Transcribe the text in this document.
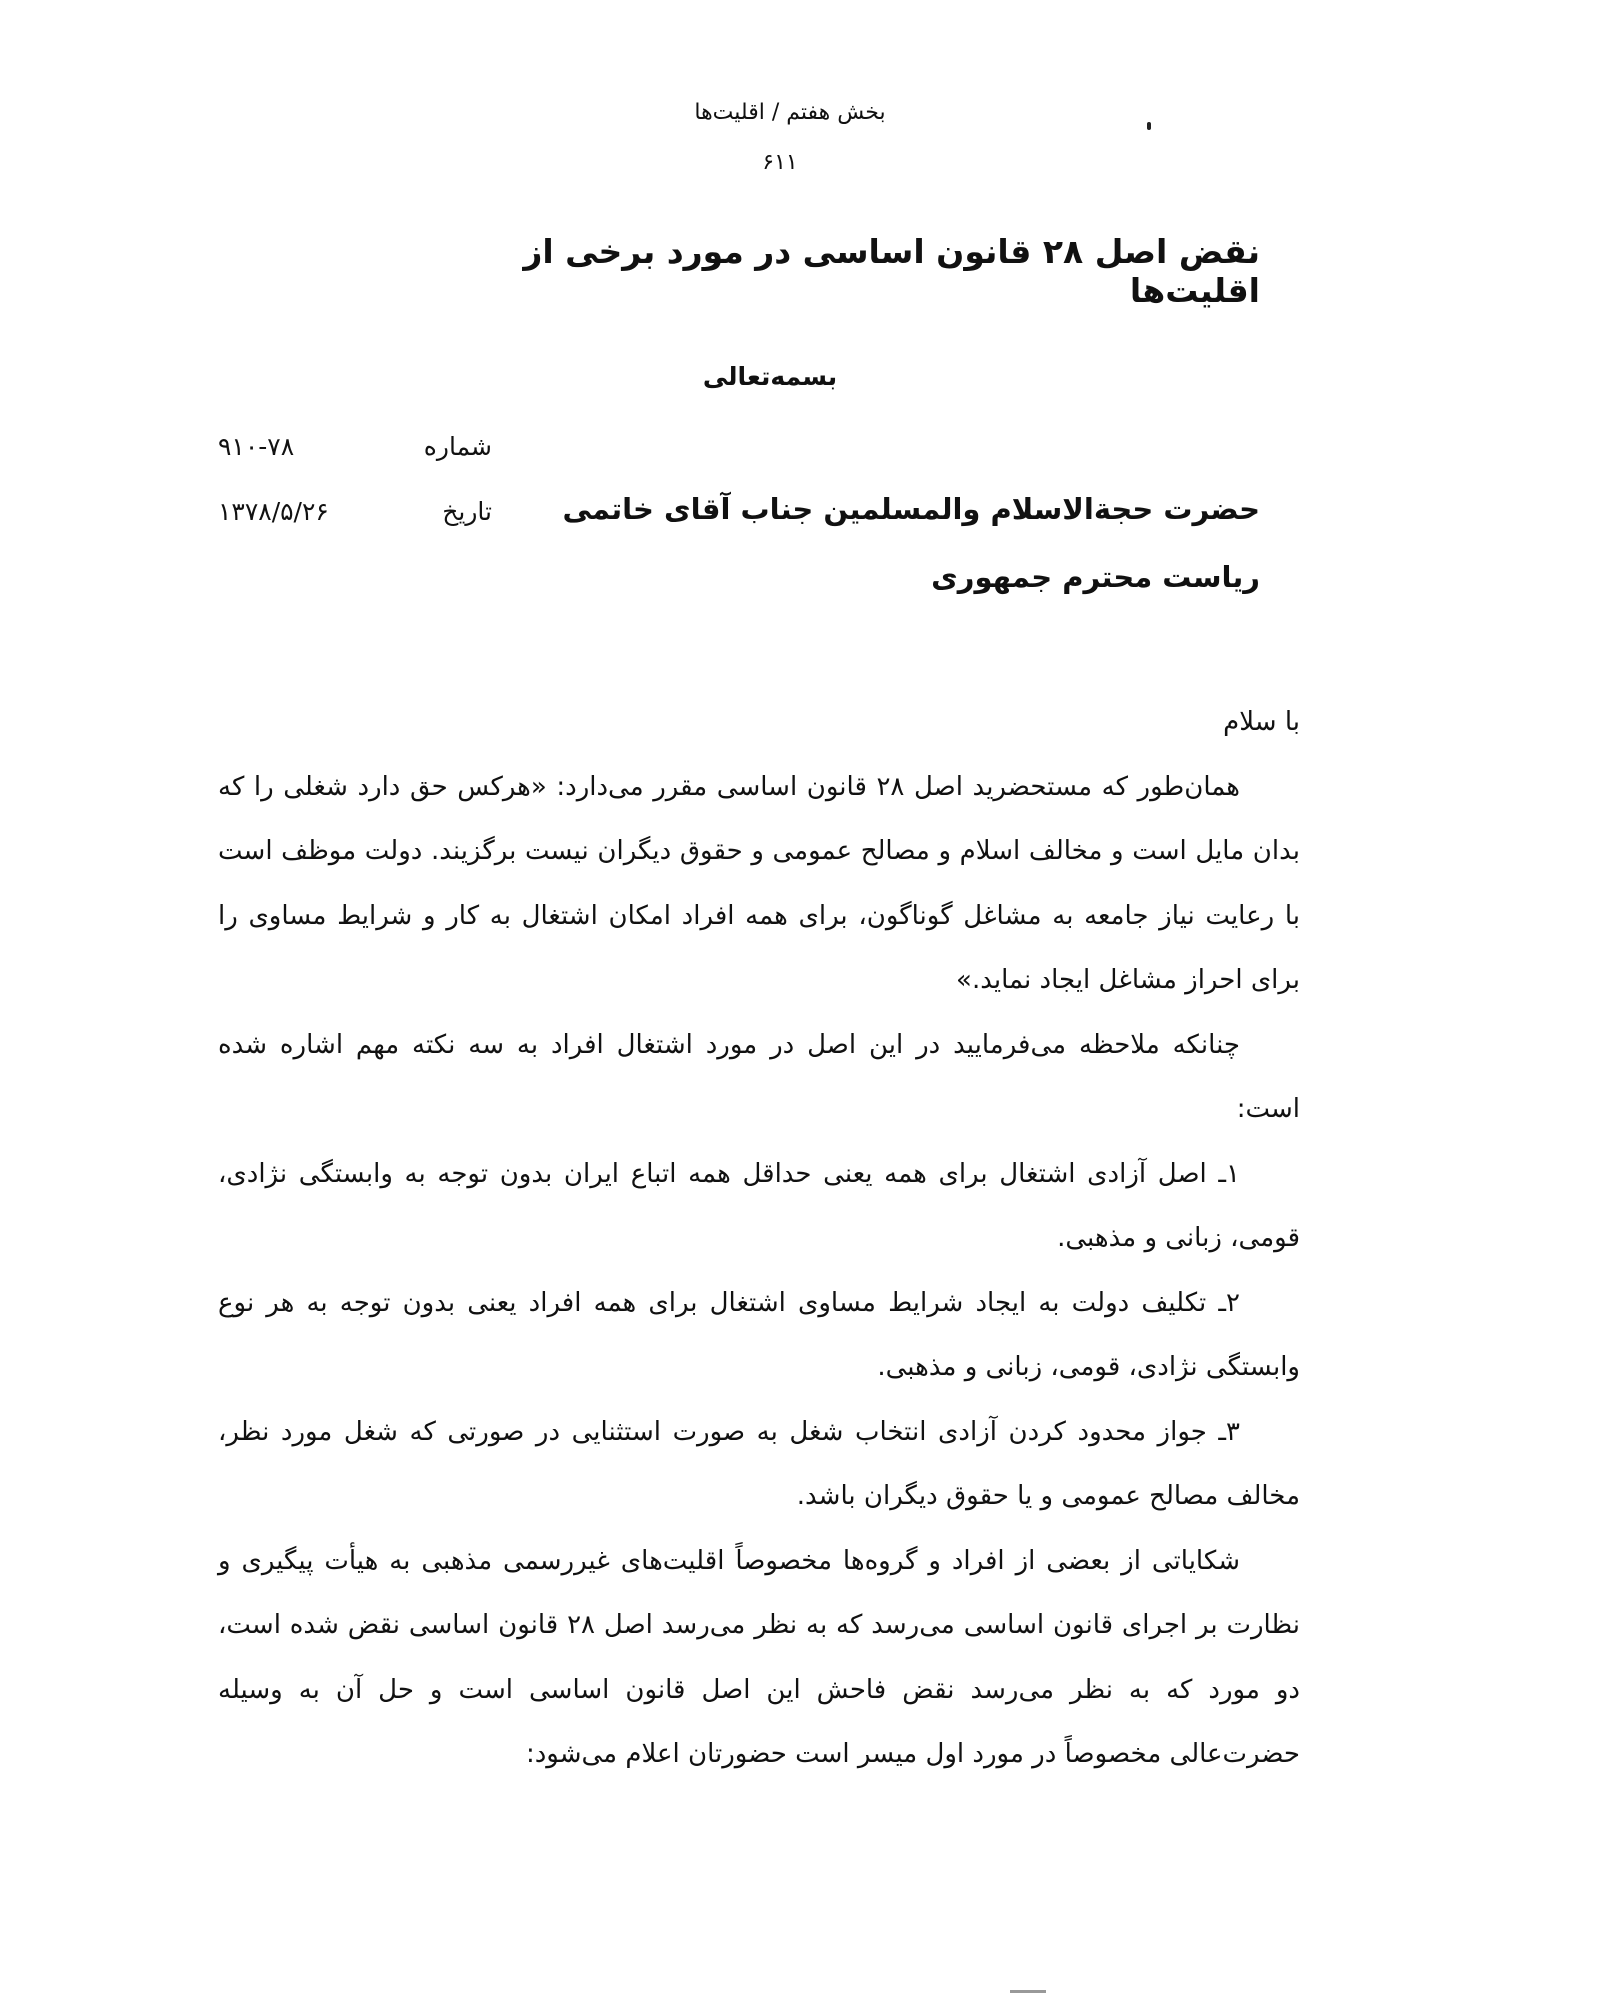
بخش هفتم / اقلیت‌ها
۶۱۱
نقض اصل ۲۸ قانون اساسی در مورد برخی از اقلیت‌ها
بسمه‌تعالی
شماره
۹۱۰-۷۸
تاریخ
۱۳۷۸/۵/۲۶	حضرت حجة‌الاسلام والمسلمین جناب آقای خاتمی
ریاست محترم جمهوری

با سلام

همان‌طور که مستحضرید اصل ۲۸ قانون اساسی مقرر می‌دارد: «هرکس حق دارد شغلی را که بدان مایل است و مخالف اسلام و مصالح عمومی و حقوق دیگران نیست برگزیند. دولت موظف است با رعایت نیاز جامعه به مشاغل گوناگون، برای همه افراد امکان اشتغال به کار و شرایط مساوی را برای احراز مشاغل ایجاد نماید.»

چنانکه ملاحظه می‌فرمایید در این اصل در مورد اشتغال افراد به سه نکته مهم اشاره شده است:

۱ـ اصل آزادی اشتغال برای همه یعنی حداقل همه اتباع ایران بدون توجه به وابستگی نژادی، قومی، زبانی و مذهبی.

۲ـ تکلیف دولت به ایجاد شرایط مساوی اشتغال برای همه افراد یعنی بدون توجه به هر نوع وابستگی نژادی، قومی، زبانی و مذهبی.

۳ـ جواز محدود کردن آزادی انتخاب شغل به صورت استثنایی در صورتی که شغل مورد نظر، مخالف مصالح عمومی و یا حقوق دیگران باشد.

شکایاتی از بعضی از افراد و گروه‌ها مخصوصاً اقلیت‌های غیررسمی مذهبی به هیأت پیگیری و نظارت بر اجرای قانون اساسی می‌رسد که به نظر می‌رسد اصل ۲۸ قانون اساسی نقض شده است، دو مورد که به نظر می‌رسد نقض فاحش این اصل قانون اساسی است و حل آن به وسیله حضرت‌عالی مخصوصاً در مورد اول میسر است حضورتان اعلام می‌شود:
